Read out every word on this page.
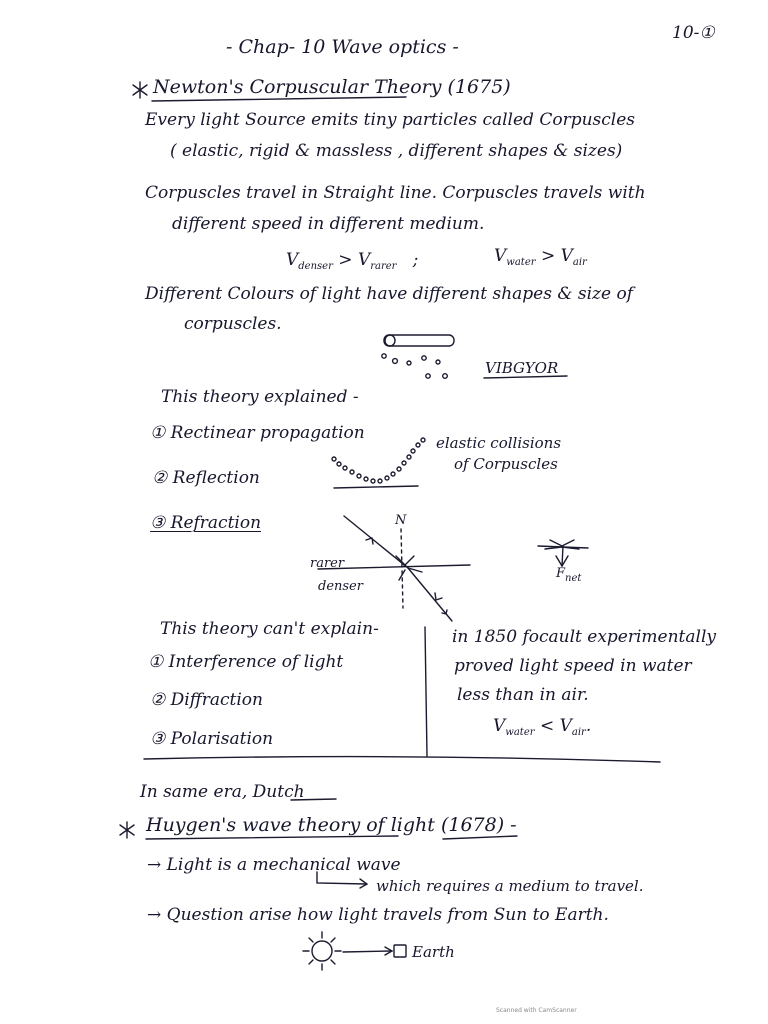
- Chap- 10 Wave optics -
10-①
Newton's Corpuscular Theory (1675)
Every light Source emits tiny particles called Corpuscles
( elastic, rigid & massless , different shapes & sizes)
Corpuscles travel in Straight line. Corpuscles travels with
different speed in different medium.
$V_{denser} > V_{rarer}$ ;	$V_{water} > V_{air}$
Different Colours of light have different shapes & size of
corpuscles.
VIBGYOR
This theory explained -
① Rectinear propagation
② Reflection
③ Refraction
elastic collisions
of Corpuscles
N
rarer
denser
$F_{net}$
This theory can't explain-
① Interference of light
② Diffraction
③ Polarisation
in 1850 focault experimentally
proved light speed in water
less than in air.
$V_{water} < V_{air}$.
In same era, Dutch
Huygen's wave theory of light (1678) -
→ Light is a mechanical wave
which requires a medium to travel.
→ Question arise how light travels from Sun to Earth.
Earth
Scanned with CamScanner
